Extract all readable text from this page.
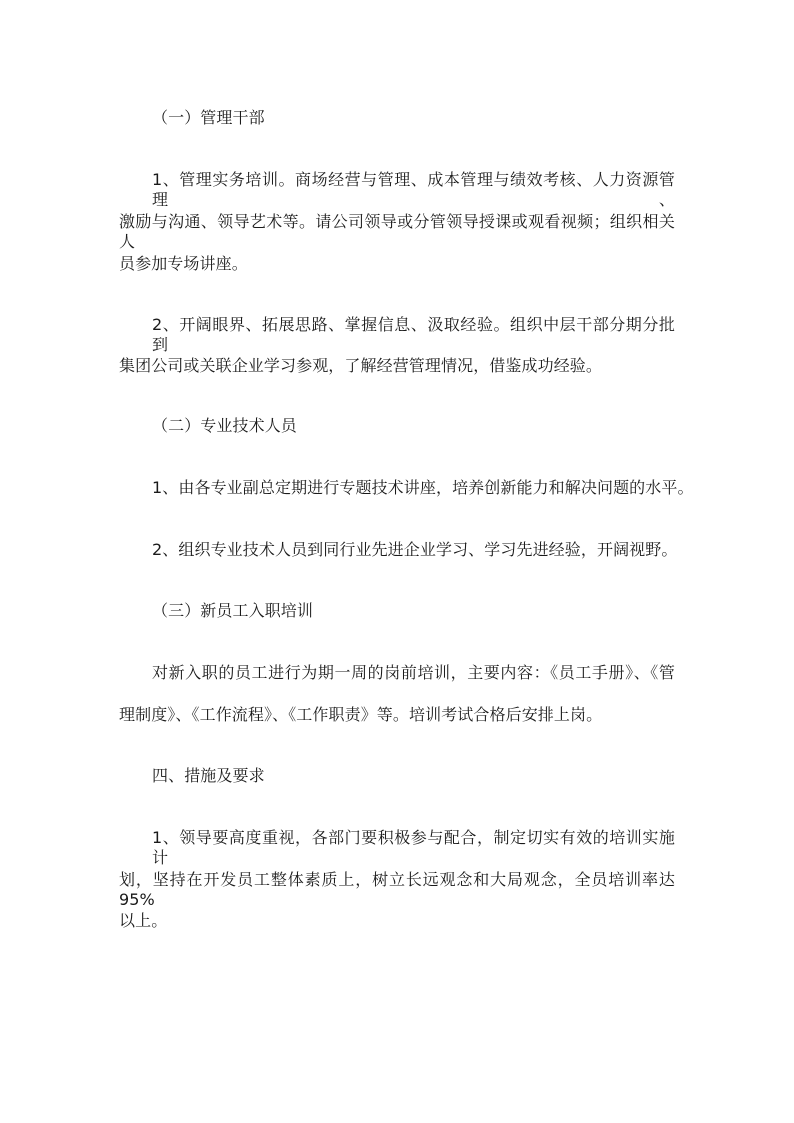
（一）管理干部
1、管理实务培训。商场经营与管理、成本管理与绩效考核、人力资源管理、
激励与沟通、领导艺术等。请公司领导或分管领导授课或观看视频；组织相关人
员参加专场讲座。
2、开阔眼界、拓展思路、掌握信息、汲取经验。组织中层干部分期分批到
集团公司或关联企业学习参观，了解经营管理情况，借鉴成功经验。
（二）专业技术人员
1、由各专业副总定期进行专题技术讲座，培养创新能力和解决问题的水平。
2、组织专业技术人员到同行业先进企业学习、学习先进经验，开阔视野。
（三）新员工入职培训
对新入职的员工进行为期一周的岗前培训，主要内容：《员工手册》、《管
理制度》、《工作流程》、《工作职责》等。培训考试合格后安排上岗。
四、措施及要求
1、领导要高度重视，各部门要积极参与配合，制定切实有效的培训实施计
划，坚持在开发员工整体素质上，树立长远观念和大局观念，全员培训率达 95%
以上。
